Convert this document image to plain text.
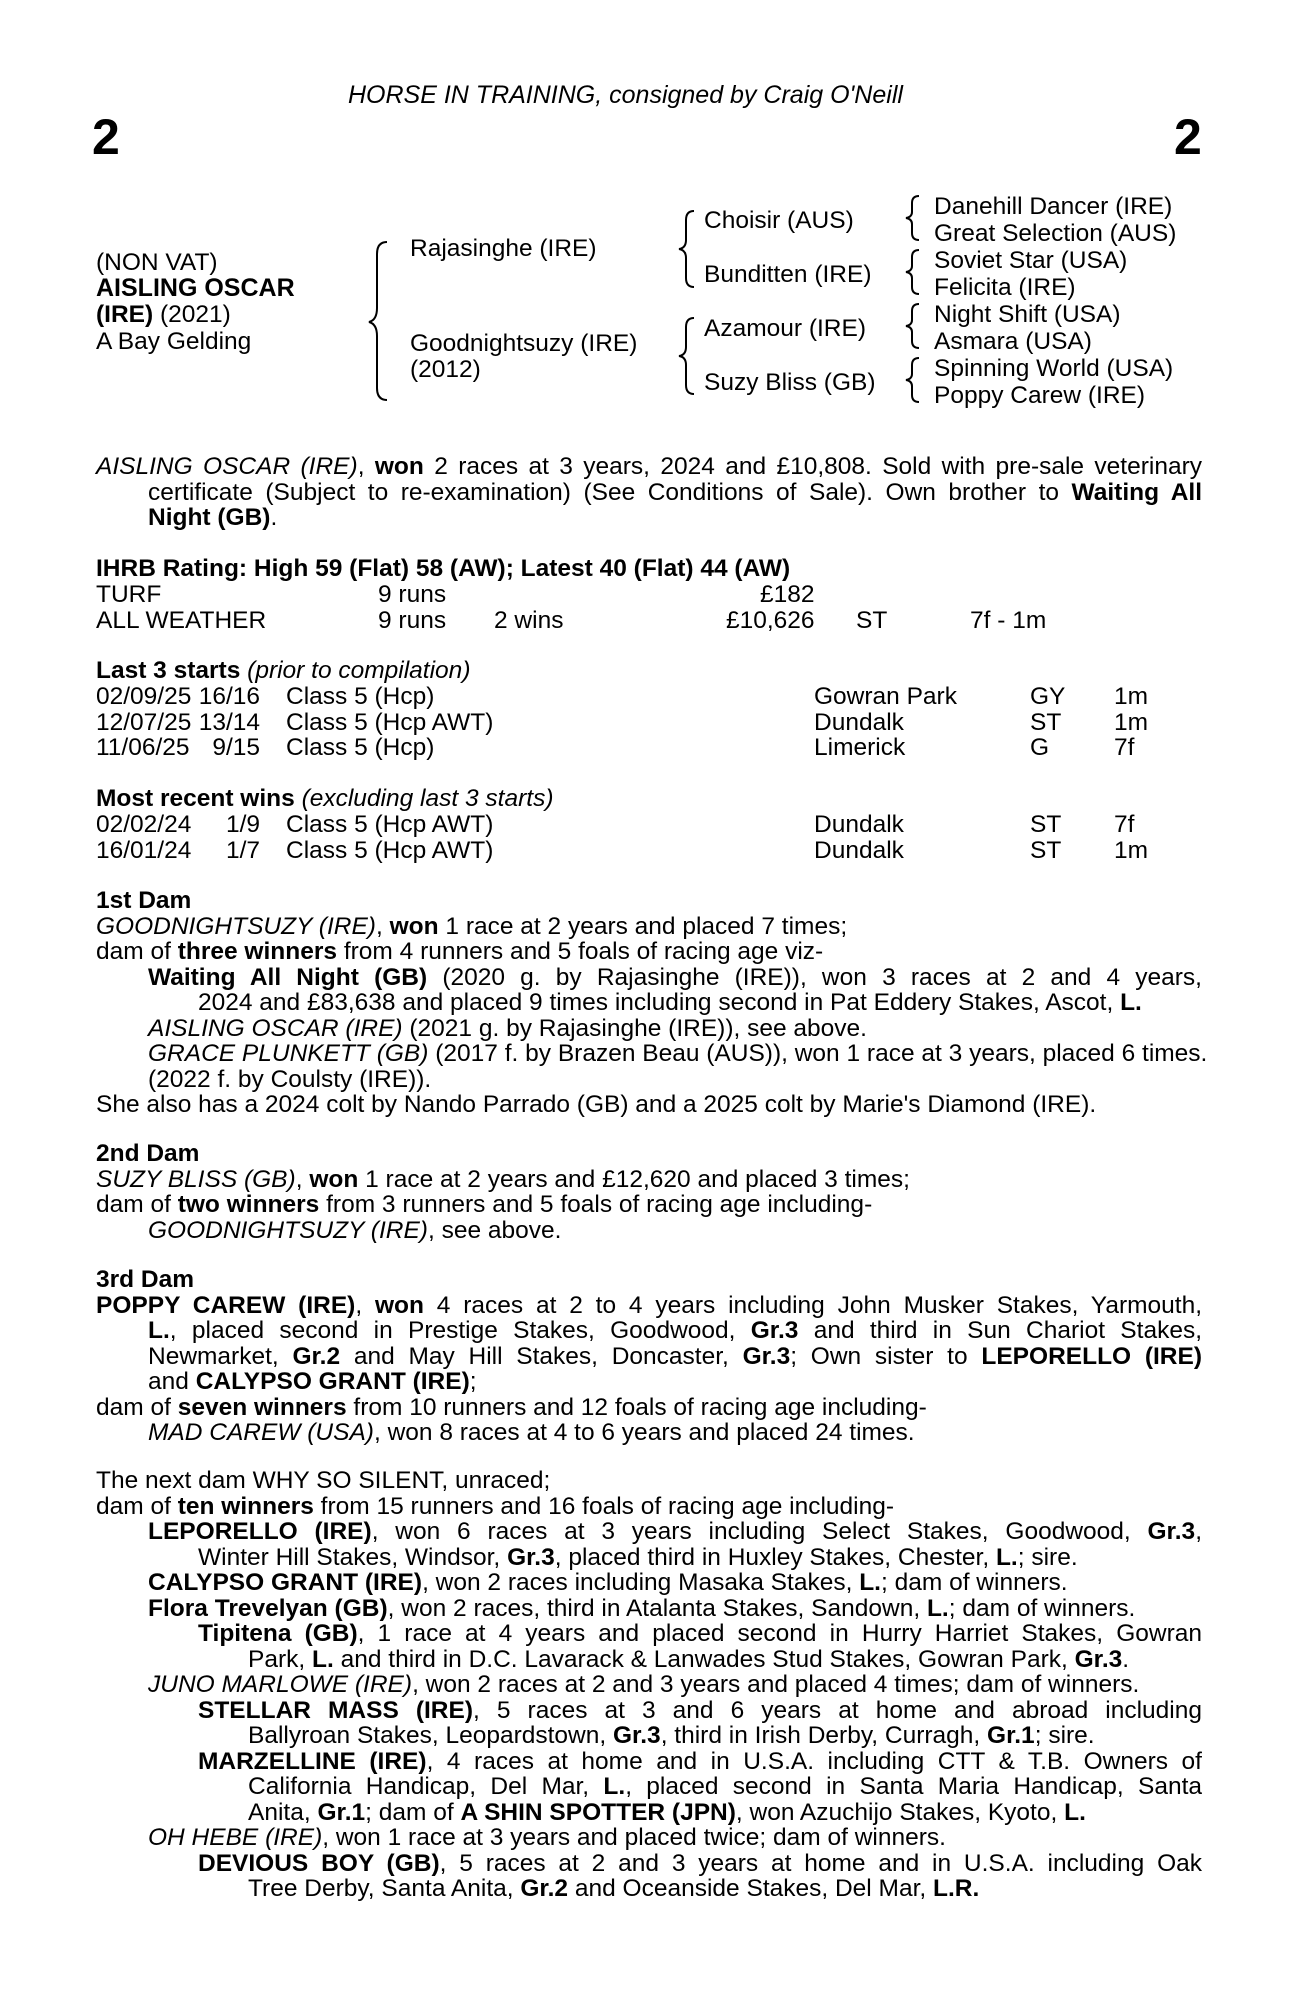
HORSE IN TRAINING, consigned by Craig O'Neill
2	2
(NON VAT)
AISLING OSCAR
(IRE) (2021)
A Bay Gelding
Rajasinghe (IRE)
Goodnightsuzy (IRE)
(2012)
Choisir (AUS)
Bunditten (IRE)
Azamour (IRE)
Suzy Bliss (GB)
Danehill Dancer (IRE)
Great Selection (AUS)
Soviet Star (USA)
Felicita (IRE)
Night Shift (USA)
Asmara (USA)
Spinning World (USA)
Poppy Carew (IRE)
AISLING OSCAR (IRE), won 2 races at 3 years, 2024 and £10,808. Sold with pre-sale veterinary
certificate (Subject to re-examination) (See Conditions of Sale). Own brother to Waiting All
Night (GB).
IHRB Rating: High 59 (Flat) 58 (AW); Latest 40 (Flat) 44 (AW)
TURF	9 runs	£182
ALL WEATHER	9 runs 2 wins	£10,626 ST	7f - 1m
Last 3 starts (prior to compilation)
02/09/25 16/16 Class 5 (Hcp)	Gowran Park	GY 1m
12/07/25 13/14 Class 5 (Hcp AWT)	Dundalk	ST 1m
11/06/25 9/15 Class 5 (Hcp)	Limerick	G	7f
Most recent wins (excluding last 3 starts)
02/02/24	1/9 Class 5 (Hcp AWT)	Dundalk	ST 7f
16/01/24	1/7 Class 5 (Hcp AWT)	Dundalk	ST 1m
1st Dam
GOODNIGHTSUZY (IRE), won 1 race at 2 years and placed 7 times;
dam of three winners from 4 runners and 5 foals of racing age viz-
Waiting All Night (GB) (2020 g. by Rajasinghe (IRE)), won 3 races at 2 and 4 years,
2024 and £83,638 and placed 9 times including second in Pat Eddery Stakes, Ascot, L.
AISLING OSCAR (IRE) (2021 g. by Rajasinghe (IRE)), see above.
GRACE PLUNKETT (GB) (2017 f. by Brazen Beau (AUS)), won 1 race at 3 years, placed 6 times.
(2022 f. by Coulsty (IRE)).
She also has a 2024 colt by Nando Parrado (GB) and a 2025 colt by Marie's Diamond (IRE).
2nd Dam
SUZY BLISS (GB), won 1 race at 2 years and £12,620 and placed 3 times;
dam of two winners from 3 runners and 5 foals of racing age including-
GOODNIGHTSUZY (IRE), see above.
3rd Dam
POPPY CAREW (IRE), won 4 races at 2 to 4 years including John Musker Stakes, Yarmouth,
L., placed second in Prestige Stakes, Goodwood, Gr.3 and third in Sun Chariot Stakes,
Newmarket, Gr.2 and May Hill Stakes, Doncaster, Gr.3; Own sister to LEPORELLO (IRE)
and CALYPSO GRANT (IRE);
dam of seven winners from 10 runners and 12 foals of racing age including-
MAD CAREW (USA), won 8 races at 4 to 6 years and placed 24 times.
The next dam WHY SO SILENT, unraced;
dam of ten winners from 15 runners and 16 foals of racing age including-
LEPORELLO (IRE), won 6 races at 3 years including Select Stakes, Goodwood, Gr.3,
Winter Hill Stakes, Windsor, Gr.3, placed third in Huxley Stakes, Chester, L.; sire.
CALYPSO GRANT (IRE), won 2 races including Masaka Stakes, L.; dam of winners.
Flora Trevelyan (GB), won 2 races, third in Atalanta Stakes, Sandown, L.; dam of winners.
Tipitena (GB), 1 race at 4 years and placed second in Hurry Harriet Stakes, Gowran
Park, L. and third in D.C. Lavarack & Lanwades Stud Stakes, Gowran Park, Gr.3.
JUNO MARLOWE (IRE), won 2 races at 2 and 3 years and placed 4 times; dam of winners.
STELLAR MASS (IRE), 5 races at 3 and 6 years at home and abroad including
Ballyroan Stakes, Leopardstown, Gr.3, third in Irish Derby, Curragh, Gr.1; sire.
MARZELLINE (IRE), 4 races at home and in U.S.A. including CTT & T.B. Owners of
California Handicap, Del Mar, L., placed second in Santa Maria Handicap, Santa
Anita, Gr.1; dam of A SHIN SPOTTER (JPN), won Azuchijo Stakes, Kyoto, L.
OH HEBE (IRE), won 1 race at 3 years and placed twice; dam of winners.
DEVIOUS BOY (GB), 5 races at 2 and 3 years at home and in U.S.A. including Oak
Tree Derby, Santa Anita, Gr.2 and Oceanside Stakes, Del Mar, L.R.
